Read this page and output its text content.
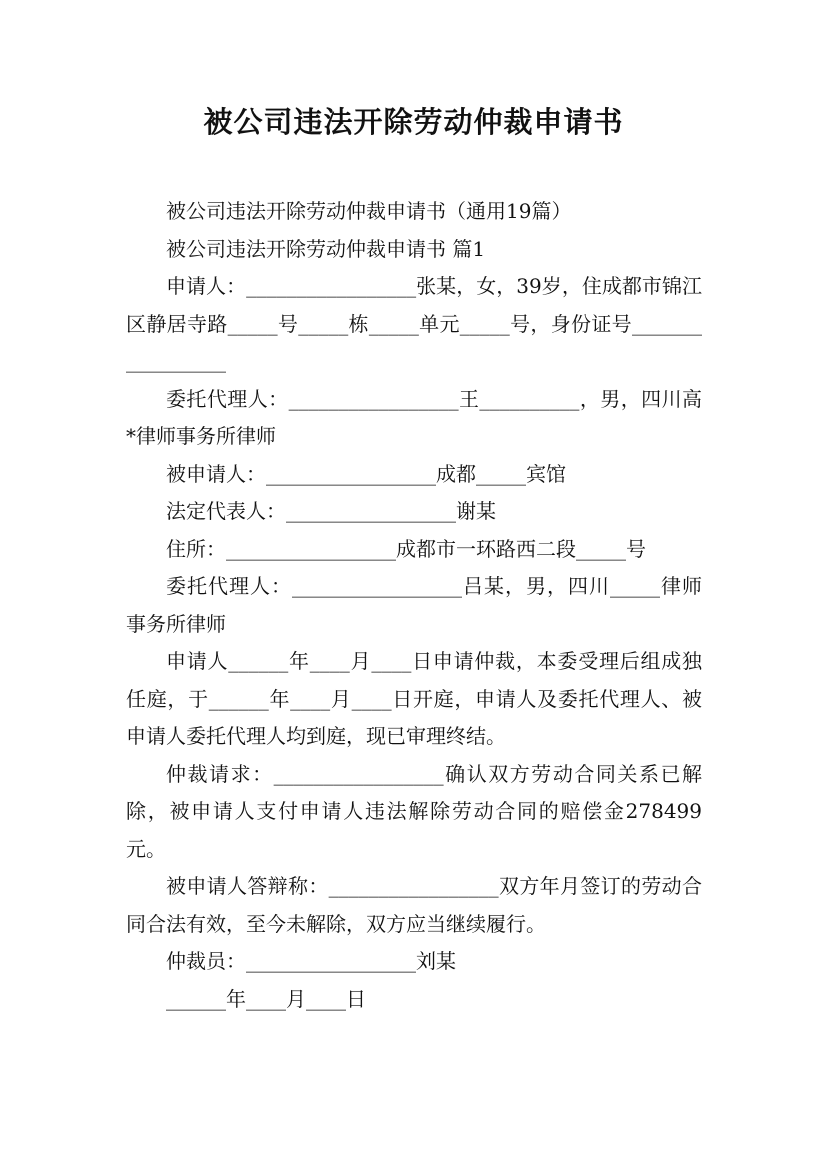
被公司违法开除劳动仲裁申请书

被公司违法开除劳动仲裁申请书（通用19篇）

被公司违法开除劳动仲裁申请书 篇1

申请人：_________________张某，女，39岁，住成都市锦江区静居寺路_____号_____栋_____单元_____号，身份证号_________________

委托代理人：_________________王__________，男，四川高*律师事务所律师

被申请人：_________________成都_____宾馆

法定代表人：_________________谢某

住所：_________________成都市一环路西二段_____号

委托代理人：_________________吕某，男，四川_____律师事务所律师

申请人______年____月____日申请仲裁，本委受理后组成独任庭，于______年____月____日开庭，申请人及委托代理人、被申请人委托代理人均到庭，现已审理终结。

仲裁请求：_________________确认双方劳动合同关系已解除，被申请人支付申请人违法解除劳动合同的赔偿金278499元。

被申请人答辩称：_________________双方年月签订的劳动合同合法有效，至今未解除，双方应当继续履行。

仲裁员：_________________刘某

______年____月____日
